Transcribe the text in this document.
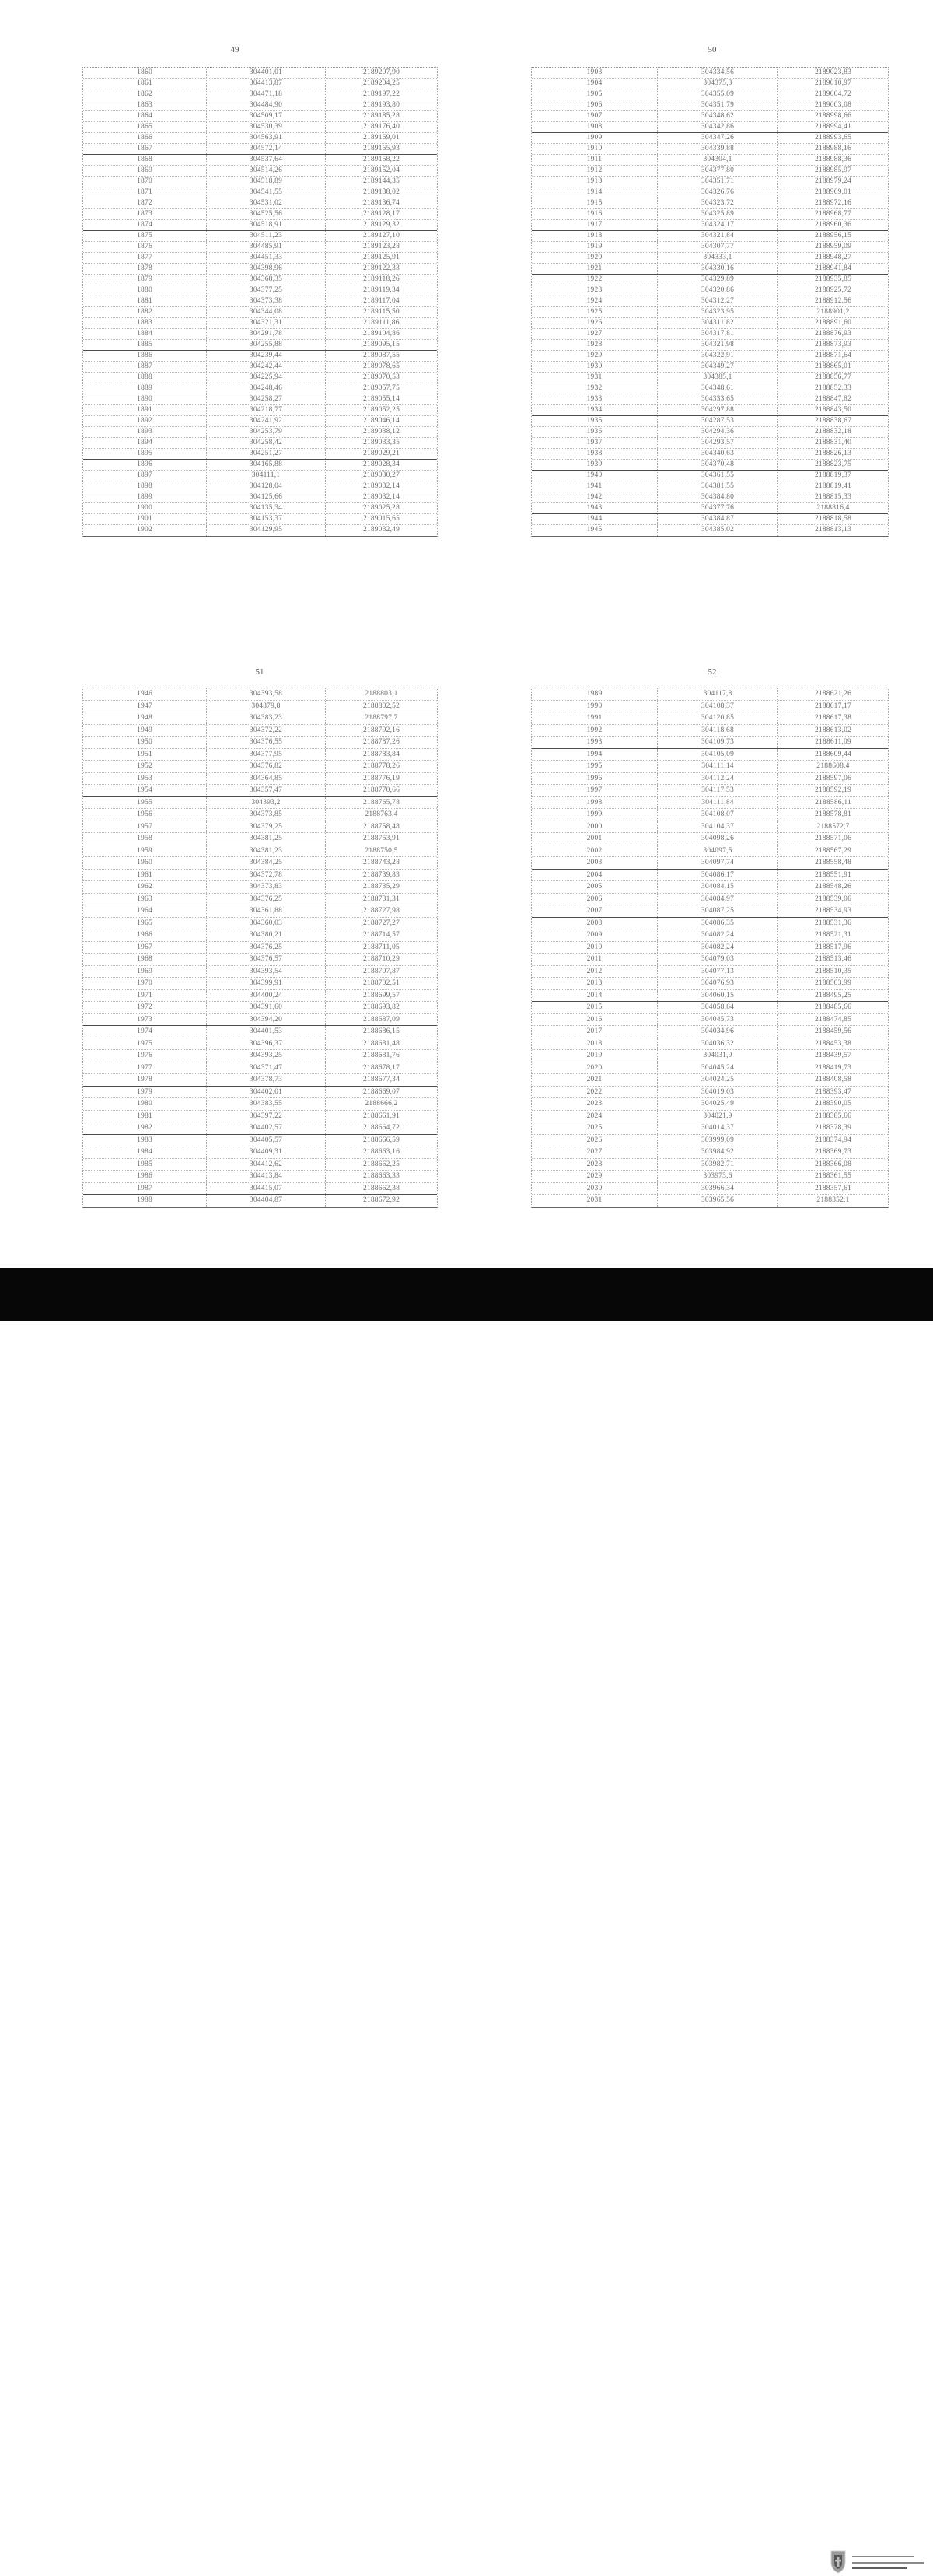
49
1860	304401,01	2189207,90
1861	304413,87	2189204,25
1862	304471,18	2189197,22
1863	304484,90	2189193,80
1864	304509,17	2189185,28
1865	304530,39	2189176,40
1866	304563,91	2189169,01
1867	304572,14	2189165,93
1868	304537,64	2189158,22
1869	304514,26	2189152,04
1870	304518,89	2189144,35
1871	304541,55	2189138,02
1872	304531,02	2189136,74
1873	304525,56	2189128,17
1874	304518,91	2189129,32
1875	304511,23	2189127,10
1876	304485,91	2189123,28
1877	304451,33	2189125,91
1878	304398,96	2189122,33
1879	304368,35	2189118,26
1880	304377,25	2189119,34
1881	304373,38	2189117,04
1882	304344,08	2189115,50
1883	304321,31	2189111,86
1884	304291,78	2189104,86
1885	304255,88	2189095,15
1886	304239,44	2189087,55
1887	304242,44	2189078,65
1888	304225,94	2189070,53
1889	304248,46	2189057,75
1890	304258,27	2189055,14
1891	304218,77	2189052,25
1892	304241,92	2189046,14
1893	304253,79	2189038,12
1894	304258,42	2189033,35
1895	304251,27	2189029,21
1896	304165,88	2189028,34
1897	304111,1	2189030,27
1898	304128,04	2189032,14
1899	304125,66	2189032,14
1900	304135,34	2189025,28
1901	304153,37	2189015,65
1902	304129,95	2189032,49
50
1903	304334,56	2189023,83
1904	304375,3	2189010,97
1905	304355,09	2189004,72
1906	304351,79	2189003,08
1907	304348,62	2188998,66
1908	304342,86	2188994,41
1909	304347,26	2188993,65
1910	304339,88	2188988,16
1911	304304,1	2188988,36
1912	304377,80	2188985,97
1913	304351,71	2188979,24
1914	304326,76	2188969,01
1915	304323,72	2188972,16
1916	304325,89	2188968,77
1917	304324,17	2188960,36
1918	304321,84	2188956,15
1919	304307,77	2188959,09
1920	304333,1	2188948,27
1921	304330,16	2188941,84
1922	304329,89	2188935,85
1923	304320,86	2188925,72
1924	304312,27	2188912,56
1925	304323,95	2188901,2
1926	304311,82	2188891,60
1927	304317,81	2188876,93
1928	304321,98	2188873,93
1929	304322,91	2188871,64
1930	304349,27	2188865,01
1931	304385,1	2188856,77
1932	304348,61	2188852,33
1933	304333,65	2188847,82
1934	304297,88	2188843,50
1935	304287,53	2188838,67
1936	304294,36	2188832,18
1937	304293,57	2188831,40
1938	304340,63	2188826,13
1939	304370,48	2188823,75
1940	304361,55	2188819,37
1941	304381,55	2188819,41
1942	304384,80	2188815,33
1943	304377,76	2188816,4
1944	304384,87	2188818,58
1945	304385,02	2188813,13
51
1946	304393,58	2188803,1
1947	304379,8	2188802,52
1948	304383,23	2188797,7
1949	304372,22	2188792,16
1950	304376,55	2188787,26
1951	304377,95	2188783,84
1952	304376,82	2188778,26
1953	304364,85	2188776,19
1954	304357,47	2188770,66
1955	304393,2	2188765,78
1956	304373,85	2188763,4
1957	304379,25	2188758,48
1958	304381,25	2188753,91
1959	304381,23	2188750,5
1960	304384,25	2188743,28
1961	304372,78	2188739,83
1962	304373,83	2188735,29
1963	304376,25	2188731,31
1964	304361,88	2188727,98
1965	304360,03	2188727,27
1966	304380,21	2188714,57
1967	304376,25	2188711,05
1968	304376,57	2188710,29
1969	304393,54	2188707,87
1970	304399,91	2188702,51
1971	304400,24	2188699,57
1972	304391,60	2188693,82
1973	304394,20	2188687,09
1974	304401,53	2188686,15
1975	304396,37	2188681,48
1976	304393,25	2188681,76
1977	304371,47	2188678,17
1978	304378,73	2188677,34
1979	304402,01	2188669,07
1980	304383,55	2188666,2
1981	304397,22	2188661,91
1982	304402,57	2188664,72
1983	304405,57	2188666,59
1984	304409,31	2188663,16
1985	304412,62	2188662,25
1986	304413,84	2188663,33
1987	304415,07	2188662,38
1988	304404,87	2188672,92
52
1989	304117,8	2188621,26
1990	304108,37	2188617,17
1991	304120,85	2188617,38
1992	304118,68	2188613,02
1993	304109,73	2188611,09
1994	304105,09	2188609,44
1995	304111,14	2188608,4
1996	304112,24	2188597,06
1997	304117,53	2188592,19
1998	304111,84	2188586,11
1999	304108,07	2188578,81
2000	304104,37	2188572,7
2001	304098,26	2188571,06
2002	304097,5	2188567,29
2003	304097,74	2188558,48
2004	304086,17	2188551,91
2005	304084,15	2188548,26
2006	304084,97	2188539,06
2007	304087,25	2188534,93
2008	304086,35	2188531,36
2009	304082,24	2188521,31
2010	304082,24	2188517,96
2011	304079,03	2188513,46
2012	304077,13	2188510,35
2013	304076,93	2188503,99
2014	304060,15	2188495,25
2015	304058,64	2188485,66
2016	304045,73	2188474,85
2017	304034,96	2188459,56
2018	304036,32	2188453,38
2019	304031,9	2188439,57
2020	304045,24	2188419,73
2021	304024,25	2188408,58
2022	304019,03	2188393,47
2023	304025,49	2188390,05
2024	304021,9	2188385,66
2025	304014,37	2188378,39
2026	303999,09	2188374,94
2027	303984,92	2188369,73
2028	303982,71	2188366,08
2029	303973,6	2188361,55
2030	303966,34	2188357,61
2031	303965,56	2188352,1
